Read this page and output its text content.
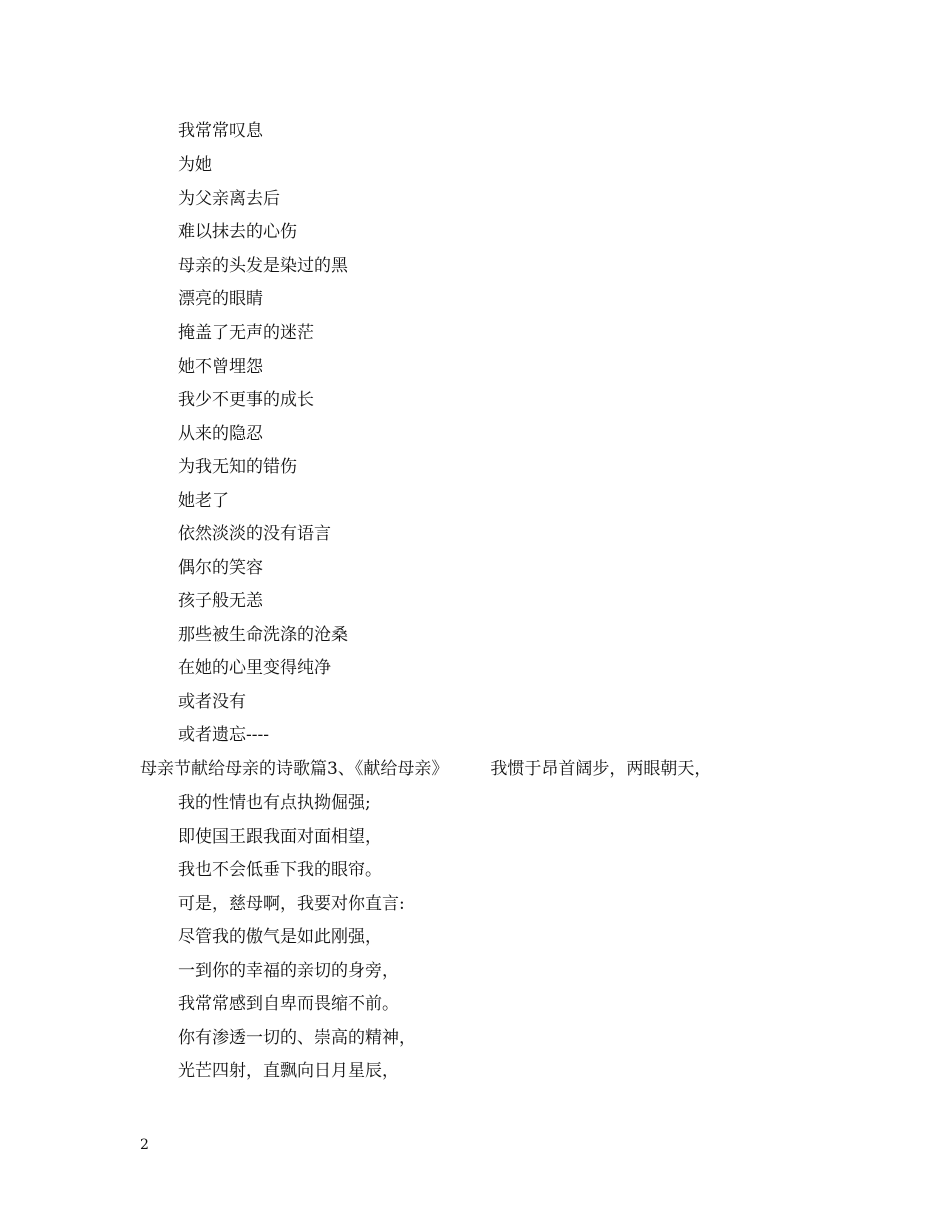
我常常叹息
为她
为父亲离去后
难以抹去的心伤
母亲的头发是染过的黑
漂亮的眼睛
掩盖了无声的迷茫
她不曾埋怨
我少不更事的成长
从来的隐忍
为我无知的错伤
她老了
依然淡淡的没有语言
偶尔的笑容
孩子般无恙
那些被生命洗涤的沧桑
在她的心里变得纯净
或者没有
或者遗忘----
母亲节献给母亲的诗歌篇3、《献给母亲》 我惯于昂首阔步，两眼朝天，
我的性情也有点执拗倔强;
即使国王跟我面对面相望，
我也不会低垂下我的眼帘。
可是，慈母啊，我要对你直言:
尽管我的傲气是如此刚强，
一到你的幸福的亲切的身旁，
我常常感到自卑而畏缩不前。
你有渗透一切的、崇高的精神，
光芒四射，直飘向日月星辰，
2
